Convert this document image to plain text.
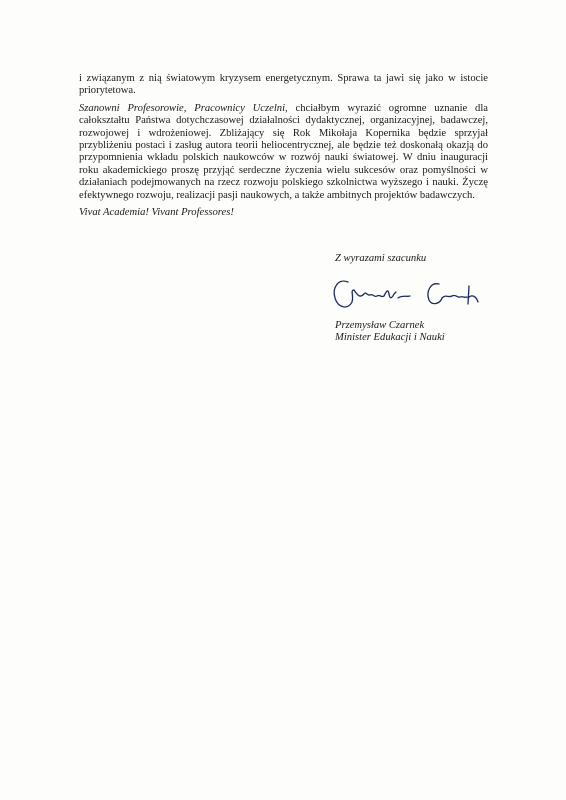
i związanym z nią światowym kryzysem energetycznym. Sprawa ta jawi się jako w istocie priorytetowa.

Szanowni Profesorowie, Pracownicy Uczelni, chciałbym wyrazić ogromne uznanie dla całokształtu Państwa dotychczasowej działalności dydaktycznej, organizacyjnej, badawczej, rozwojowej i wdrożeniowej. Zbliżający się Rok Mikołaja Kopernika będzie sprzyjał przybliżeniu postaci i zasług autora teorii heliocentrycznej, ale będzie też doskonałą okazją do przypomnienia wkładu polskich naukowców w rozwój nauki światowej. W dniu inauguracji roku akademickiego proszę przyjąć serdeczne życzenia wielu sukcesów oraz pomyślności w działaniach podejmowanych na rzecz rozwoju polskiego szkolnictwa wyższego i nauki. Życzę efektywnego rozwoju, realizacji pasji naukowych, a także ambitnych projektów badawczych.

Vivat Academia! Vivant Professores!

Z wyrazami szacunku
Przemysław Czarnek
Minister Edukacji i Nauki
